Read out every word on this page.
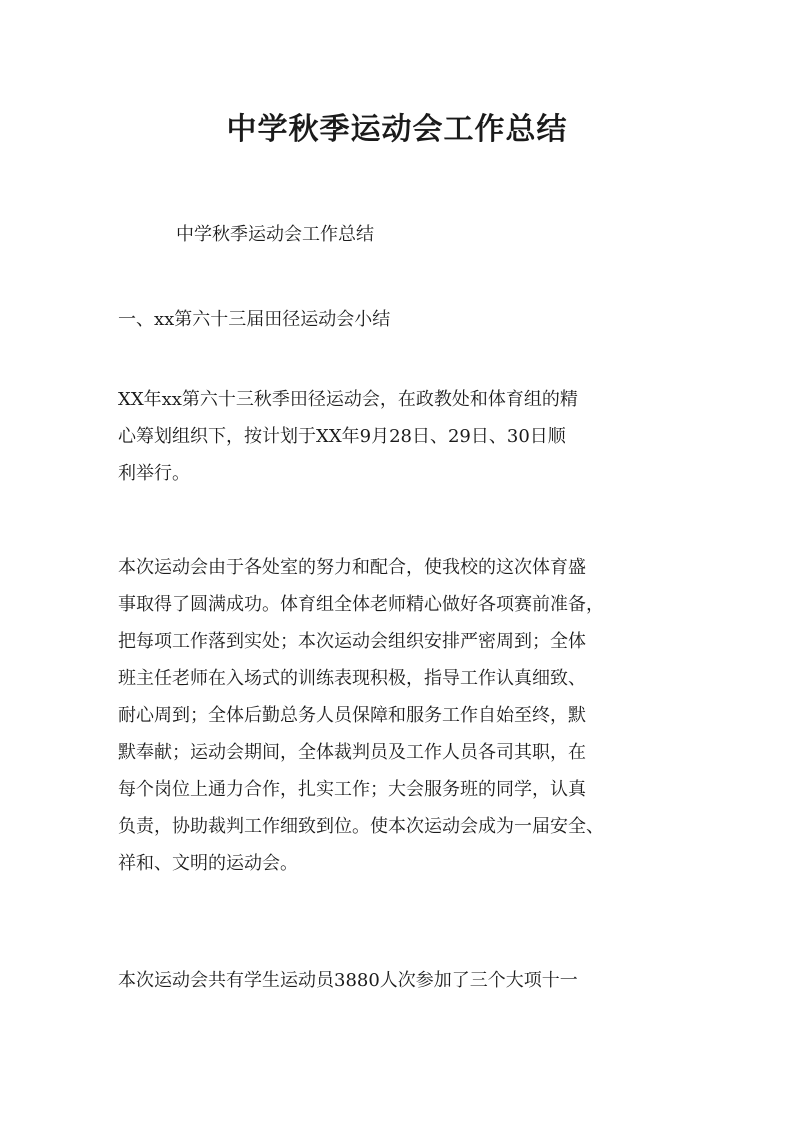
中学秋季运动会工作总结

中学秋季运动会工作总结

一、xx第六十三届田径运动会小结

XX年xx第六十三秋季田径运动会，在政教处和体育组的精
心筹划组织下，按计划于XX年9月28日、29日、30日顺
利举行。
本次运动会由于各处室的努力和配合，使我校的这次体育盛
事取得了圆满成功。体育组全体老师精心做好各项赛前准备，
把每项工作落到实处；本次运动会组织安排严密周到；全体
班主任老师在入场式的训练表现积极，指导工作认真细致、
耐心周到；全体后勤总务人员保障和服务工作自始至终，默
默奉献；运动会期间，全体裁判员及工作人员各司其职，在
每个岗位上通力合作，扎实工作；大会服务班的同学，认真
负责，协助裁判工作细致到位。使本次运动会成为一届安全、
祥和、文明的运动会。
本次运动会共有学生运动员3880人次参加了三个大项十一
